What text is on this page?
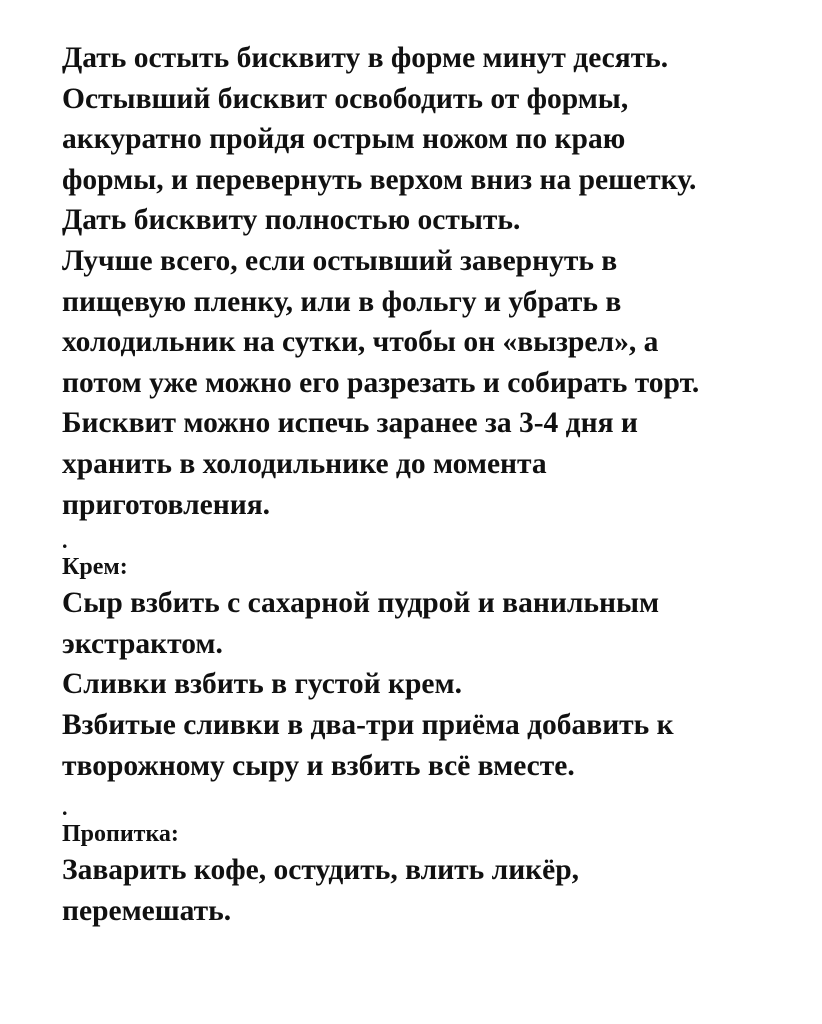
Дать остыть бисквиту в форме минут десять.
Остывший бисквит освободить от формы,
аккуратно пройдя острым ножом по краю
формы, и перевернуть верхом вниз на решетку.
Дать бисквиту полностью остыть.
Лучше всего, если остывший завернуть в
пищевую пленку, или в фольгу и убрать в
холодильник на сутки, чтобы он «вызрел», а
потом уже можно его разрезать и собирать торт.
Бисквит можно испечь заранее за 3-4 дня и
хранить в холодильнике до момента
приготовления.
.
Крем:
Сыр взбить с сахарной пудрой и ванильным
экстрактом.
Сливки взбить в густой крем.
Взбитые сливки в два-три приёма добавить к
творожному сыру и взбить всё вместе.
.
Пропитка:
Заварить кофе, остудить, влить ликёр,
перемешать.
